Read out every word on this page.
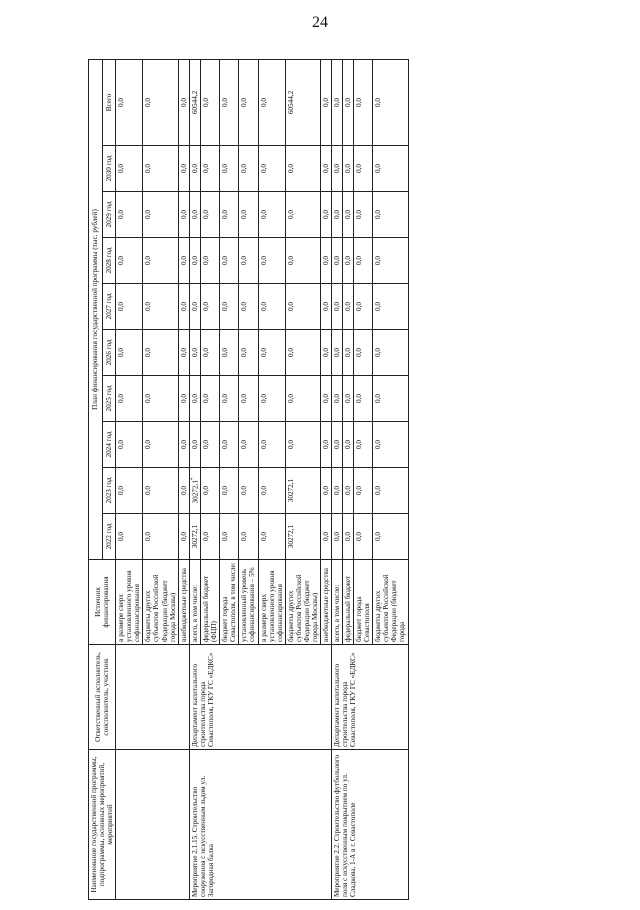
24
Наименование государственной программы, подпрограммы, основных мероприятий, мероприятий	Ответственный исполнитель, соисполнитель, участник	Источник финансирования	План финансирования государственной программы (тыс. рублей)									
			2022 год	2023 год	2024 год	2025 год	2026 год	2027 год	2028 год	2029 год	2030 год	Всего
		в размере сверх установленного уровня софинансирования	0,0	0,0	0,0	0,0	0,0	0,0	0,0	0,0	0,0	0,0
		бюджеты других субъектов Российской Федерации (бюджет города Москвы)	0,0	0,0	0,0	0,0	0,0	0,0	0,0	0,0	0,0	0,0
		внебюджетные средства	0,0	0,0	0,0	0,0	0,0	0,0	0,0	0,0	0,0	0,0
Мероприятие 2.1.15. Строительство сооружения с искусственным льдом ул. Загородная балка	Департамент капитального строительства города Севастополя, ГКУ ГС «ЕДКС»	всего, в том числе:	30272,1	30272,1*	0,0	0,0	0,0	0,0	0,0	0,0	0,0	60544,2
		федеральный бюджет (ФЦП)	0,0	0,0	0,0	0,0	0,0	0,0	0,0	0,0	0,0	0,0
		бюджет города Севастополя, в том числе:	0,0	0,0	0,0	0,0	0,0	0,0	0,0	0,0	0,0	0,0
		установленный уровень софинансирования – 5%	0,0	0,0	0,0	0,0	0,0	0,0	0,0	0,0	0,0	0,0
		в размере сверх установленного уровня софинансирования	0,0	0,0	0,0	0,0	0,0	0,0	0,0	0,0	0,0	0,0
		бюджеты других субъектов Российской Федерации (бюджет города Москвы)	30272,1	30272,1	0,0	0,0	0,0	0,0	0,0	0,0	0,0	60544,2
		внебюджетные средства	0,0	0,0	0,0	0,0	0,0	0,0	0,0	0,0	0,0	0,0
Мероприятие 2.2. Строительство футбольного поля с искусственным покрытием по ул. Сладкова, 1-А в г. Севастополе	Департамент капитального строительства города Севастополя, ГКУ ГС «ЕДКС»	всего, в том числе:	0,0	0,0	0,0	0,0	0,0	0,0	0,0	0,0	0,0	0,0
		федеральный бюджет	0,0	0,0	0,0	0,0	0,0	0,0	0,0	0,0	0,0	0,0
		бюджет города Севастополя	0,0	0,0	0,0	0,0	0,0	0,0	0,0	0,0	0,0	0,0
		бюджеты других субъектов Российской Федерации (бюджет города	0,0	0,0	0,0	0,0	0,0	0,0	0,0	0,0	0,0	0,0
